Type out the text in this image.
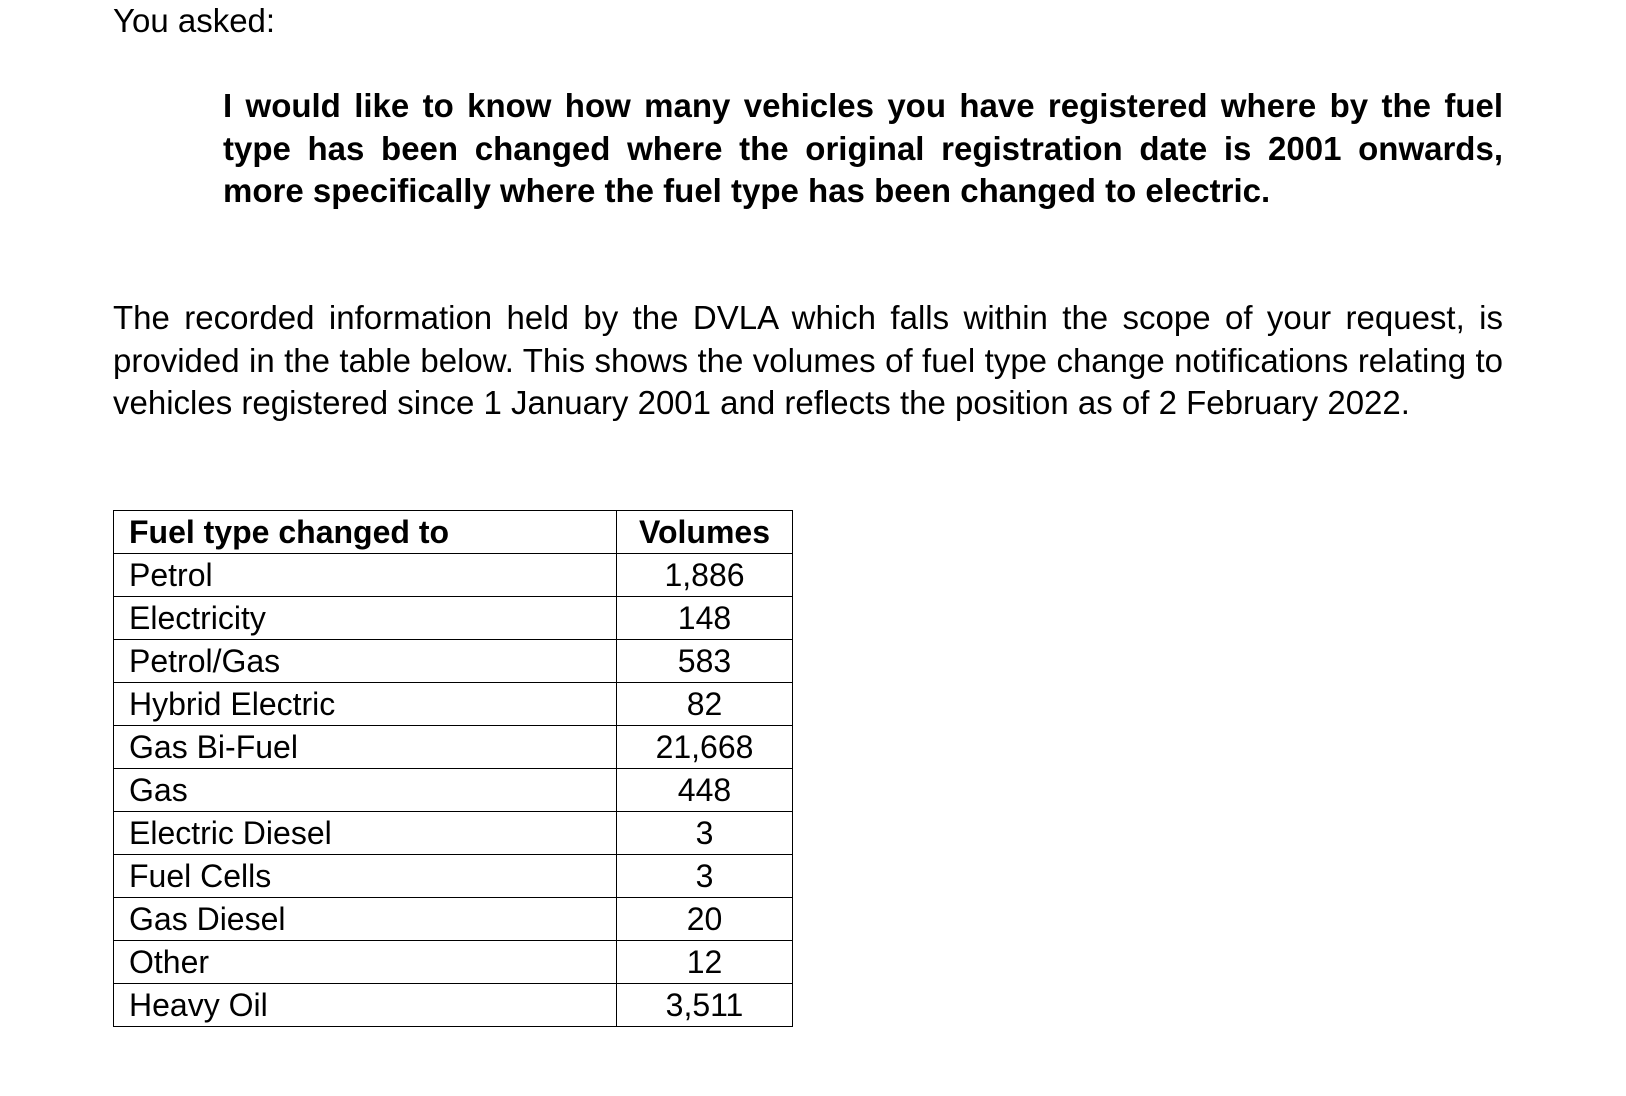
You asked:

I would like to know how many vehicles you have registered where by the fuel type has been changed where the original registration date is 2001 onwards, more specifically where the fuel type has been changed to electric.

The recorded information held by the DVLA which falls within the scope of your request, is provided in the table below. This shows the volumes of fuel type change notifications relating to vehicles registered since 1 January 2001 and reflects the position as of 2 February 2022.

Fuel type changed to	Volumes
Petrol	1,886
Electricity	148
Petrol/Gas	583
Hybrid Electric	82
Gas Bi-Fuel	21,668
Gas	448
Electric Diesel	3
Fuel Cells	3
Gas Diesel	20
Other	12
Heavy Oil	3,511
